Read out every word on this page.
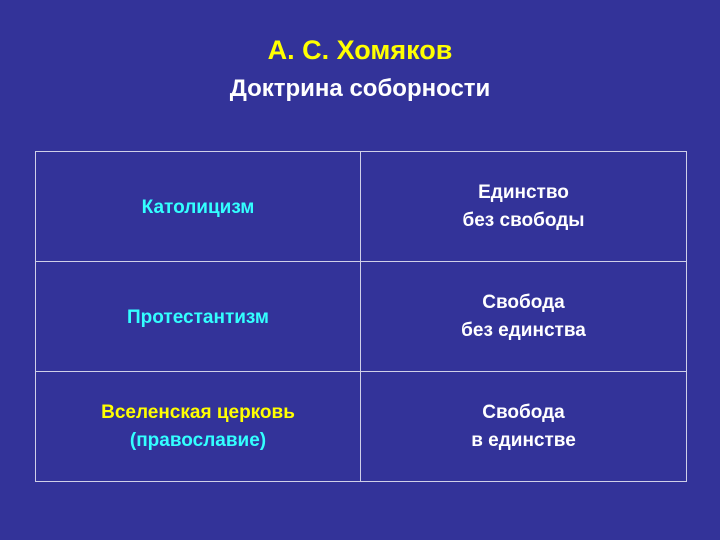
А. С. Хомяков
Доктрина соборности
Католицизм	Единство
без свободы

Протестантизм	Свобода
без единства

Вселенская церковь
(православие)	Свобода
в единстве
